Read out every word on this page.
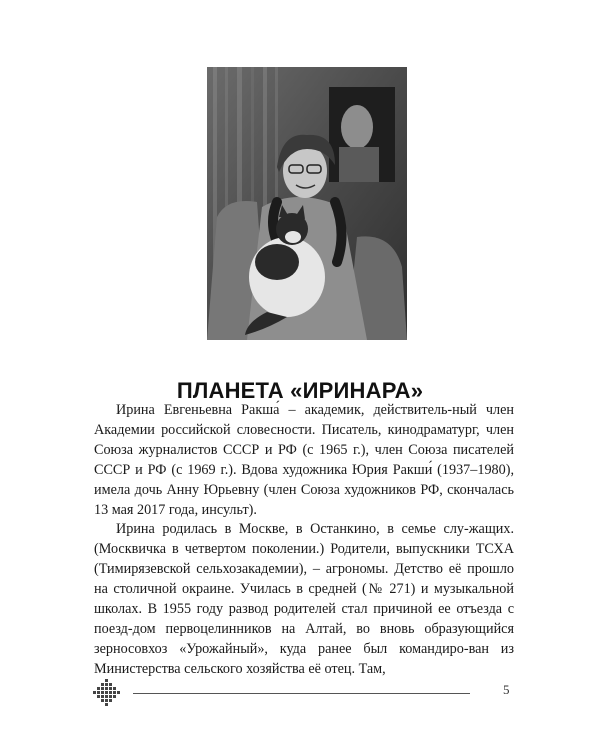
ПЛАНЕТА «ИРИНАРА»

Ирина Евгеньевна Ракша́ – академик, действитель-ный член Академии российской словесности. Писатель, кинодраматург, член Союза журналистов СССР и РФ (с 1965 г.), член Союза писателей СССР и РФ (с 1969 г.). Вдова художника Юрия Ракши́ (1937–1980), имела дочь Анну Юрьевну (член Союза художников РФ, скончалась 13 мая 2017 года, инсульт).

Ирина родилась в Москве, в Останкино, в семье слу-жащих. (Москвичка в четвертом поколении.) Родители, выпускники ТСХА (Тимирязевской сельхозакадемии), – агрономы. Детство её прошло на столичной окраине. Училась в средней (№ 271) и музыкальной школах. В 1955 году развод родителей стал причиной ее отъезда с поезд-дом первоцелинников на Алтай, во вновь образующийся зерносовхоз «Урожайный», куда ранее был командиро-ван из Министерства сельского хозяйства её отец. Там,

5
